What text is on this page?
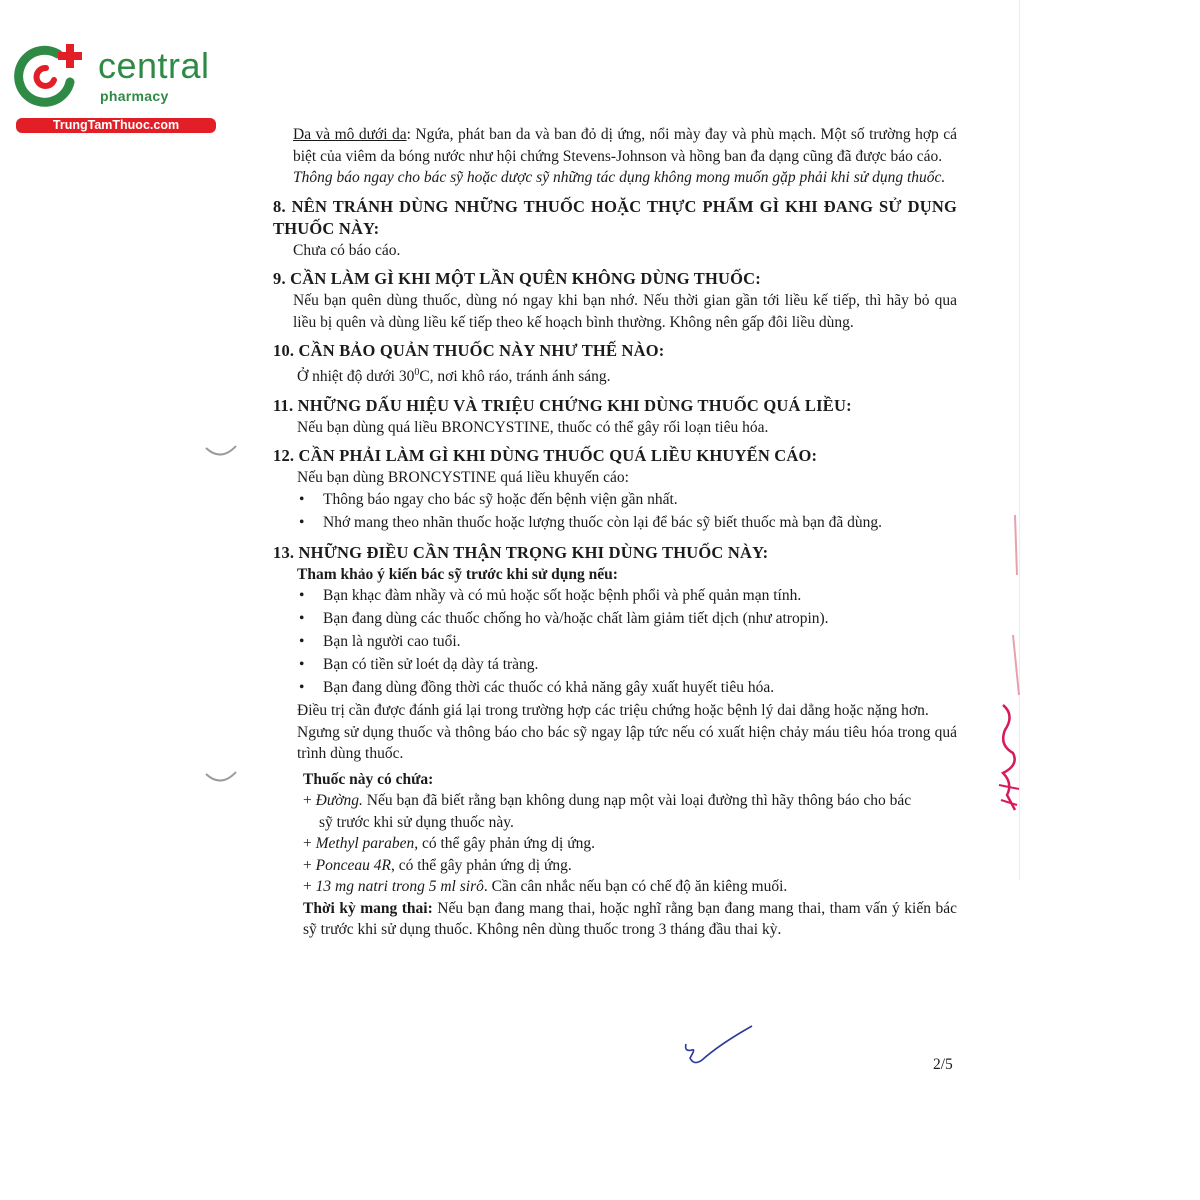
central
pharmacy
TrungTamThuoc.com

Da và mô dưới da: Ngứa, phát ban da và ban đỏ dị ứng, nổi mày đay và phù mạch. Một số trường hợp cá biệt của viêm da bóng nước như hội chứng Stevens-Johnson và hồng ban đa dạng cũng đã được báo cáo.

Thông báo ngay cho bác sỹ hoặc dược sỹ những tác dụng không mong muốn gặp phải khi sử dụng thuốc.

8. NÊN TRÁNH DÙNG NHỮNG THUỐC HOẶC THỰC PHẨM GÌ KHI ĐANG SỬ DỤNG THUỐC NÀY:

Chưa có báo cáo.

9. CẦN LÀM GÌ KHI MỘT LẦN QUÊN KHÔNG DÙNG THUỐC:

Nếu bạn quên dùng thuốc, dùng nó ngay khi bạn nhớ. Nếu thời gian gần tới liều kế tiếp, thì hãy bỏ qua liều bị quên và dùng liều kế tiếp theo kế hoạch bình thường. Không nên gấp đôi liều dùng.

10. CẦN BẢO QUẢN THUỐC NÀY NHƯ THẾ NÀO:

Ở nhiệt độ dưới $30^0C$, nơi khô ráo, tránh ánh sáng.

11. NHỮNG DẤU HIỆU VÀ TRIỆU CHỨNG KHI DÙNG THUỐC QUÁ LIỀU:

Nếu bạn dùng quá liều BRONCYSTINE, thuốc có thể gây rối loạn tiêu hóa.

12. CẦN PHẢI LÀM GÌ KHI DÙNG THUỐC QUÁ LIỀU KHUYẾN CÁO:

Nếu bạn dùng BRONCYSTINE quá liều khuyến cáo:

• Thông báo ngay cho bác sỹ hoặc đến bệnh viện gần nhất.
• Nhớ mang theo nhãn thuốc hoặc lượng thuốc còn lại để bác sỹ biết thuốc mà bạn đã dùng.
13. NHỮNG ĐIỀU CẦN THẬN TRỌNG KHI DÙNG THUỐC NÀY:

Tham khảo ý kiến bác sỹ trước khi sử dụng nếu:

• Bạn khạc đàm nhầy và có mủ hoặc sốt hoặc bệnh phổi và phế quản mạn tính.
• Bạn đang dùng các thuốc chống ho và/hoặc chất làm giảm tiết dịch (như atropin).
• Bạn là người cao tuổi.
• Bạn có tiền sử loét dạ dày tá tràng.
• Bạn đang dùng đồng thời các thuốc có khả năng gây xuất huyết tiêu hóa.

Điều trị cần được đánh giá lại trong trường hợp các triệu chứng hoặc bệnh lý dai dẳng hoặc nặng hơn.

Ngưng sử dụng thuốc và thông báo cho bác sỹ ngay lập tức nếu có xuất hiện chảy máu tiêu hóa trong quá trình dùng thuốc.

Thuốc này có chứa:

+ Đường. Nếu bạn đã biết rằng bạn không dung nạp một vài loại đường thì hãy thông báo cho bác
sỹ trước khi sử dụng thuốc này.

+ Methyl paraben, có thể gây phản ứng dị ứng.

+ Ponceau 4R, có thể gây phản ứng dị ứng.

+ 13 mg natri trong 5 ml sirô. Cần cân nhắc nếu bạn có chế độ ăn kiêng muối.

Thời kỳ mang thai: Nếu bạn đang mang thai, hoặc nghĩ rằng bạn đang mang thai, tham vấn ý kiến bác sỹ trước khi sử dụng thuốc. Không nên dùng thuốc trong 3 tháng đầu thai kỳ.

2/5
